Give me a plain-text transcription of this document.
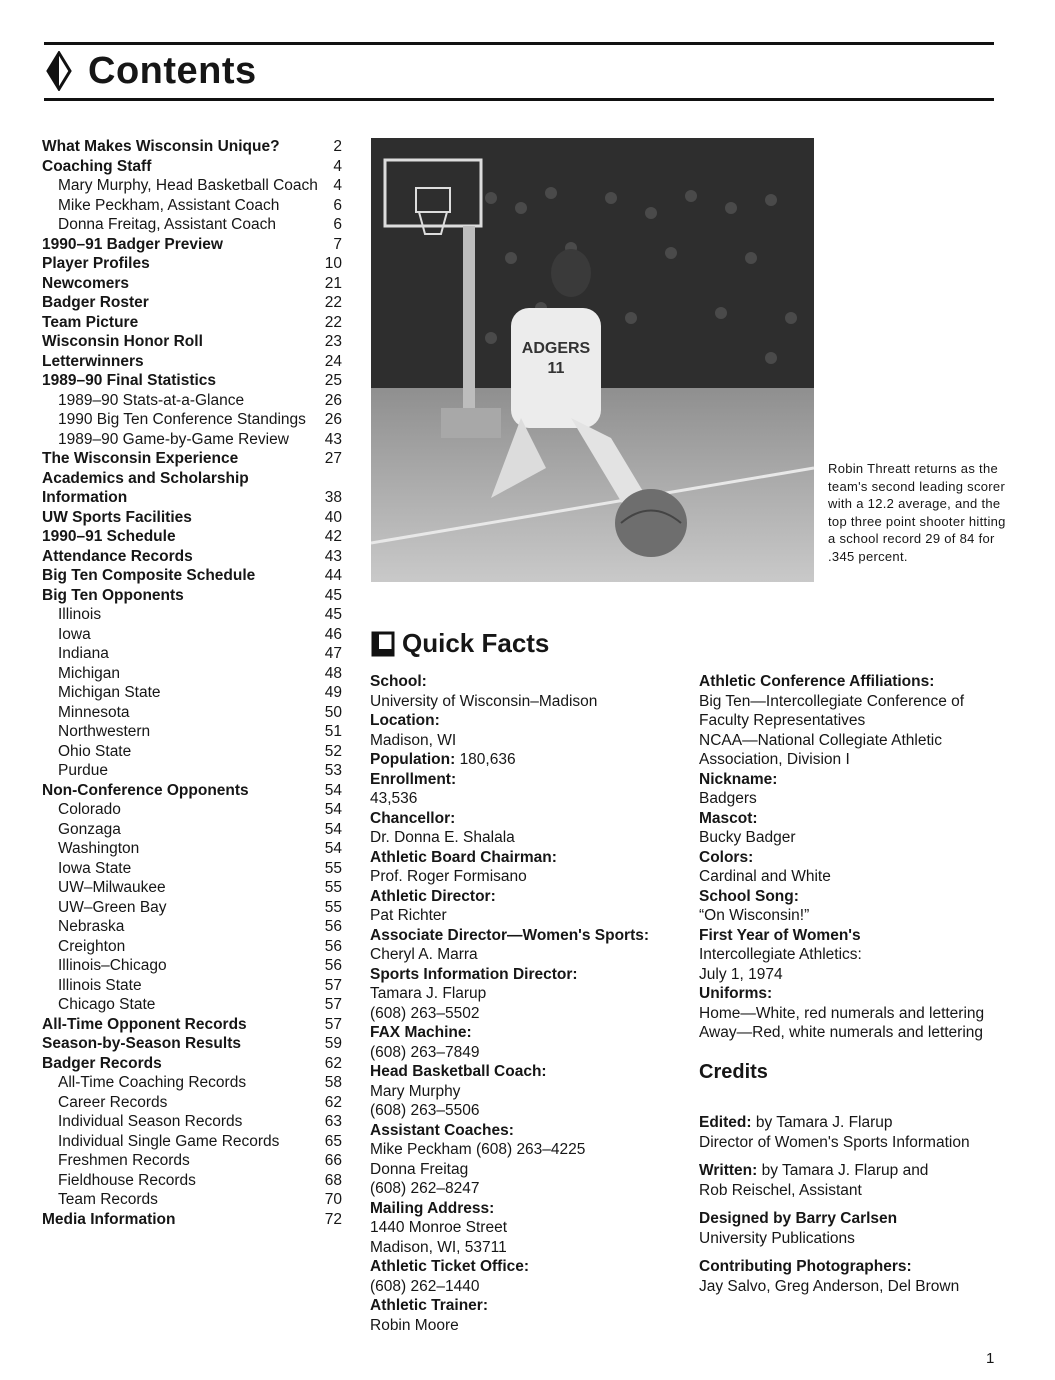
Contents
What Makes Wisconsin Unique?	2
Coaching Staff	4
Mary Murphy, Head Basketball Coach 4
Mike Peckham, Assistant Coach	6
Donna Freitag, Assistant Coach	6
1990–91 Badger Preview	7
Player Profiles	10
Newcomers	21
Badger Roster	22
Team Picture	22
Wisconsin Honor Roll	23
Letterwinners	24
1989–90 Final Statistics	25
1989–90 Stats-at-a-Glance	26
1990 Big Ten Conference Standings	26
1989–90 Game-by-Game Review	43
The Wisconsin Experience	27
Academics and Scholarship Information	38
UW Sports Facilities	40
1990–91 Schedule	42
Attendance Records	43
Big Ten Composite Schedule	44
Big Ten Opponents	45
Illinois	45
Iowa	46
Indiana	47
Michigan	48
Michigan State	49
Minnesota	50
Northwestern	51
Ohio State	52
Purdue	53
Non-Conference Opponents	54
Colorado	54
Gonzaga	54
Washington	54
Iowa State	55
UW–Milwaukee	55
UW–Green Bay	55
Nebraska	56
Creighton	56
Illinois–Chicago	56
Illinois State	57
Chicago State	57
All-Time Opponent Records	57
Season-by-Season Results	59
Badger Records	62
All-Time Coaching Records	58
Career Records	62
Individual Season Records	63
Individual Single Game Records	65
Freshmen Records	66
Fieldhouse Records	68
Team Records	70
Media Information	72
ADGERS
11
Robin Threatt returns as the team's second leading scorer with a 12.2 average, and the top three point shooter hitting a school record 29 of 84 for .345 percent.
Quick Facts
School:
University of Wisconsin–Madison
Location:
Madison, WI
Population: 180,636
Enrollment:
43,536
Chancellor:
Dr. Donna E. Shalala
Athletic Board Chairman:
Prof. Roger Formisano
Athletic Director:
Pat Richter
Associate Director—Women's Sports:
Cheryl A. Marra
Sports Information Director:
Tamara J. Flarup
(608) 263–5502
FAX Machine:
(608) 263–7849
Head Basketball Coach:
Mary Murphy
(608) 263–5506
Assistant Coaches:
Mike Peckham (608) 263–4225
Donna Freitag
(608) 262–8247
Mailing Address:
1440 Monroe Street
Madison, WI, 53711
Athletic Ticket Office:
(608) 262–1440
Athletic Trainer:
Robin Moore
Athletic Conference Affiliations:
Big Ten—Intercollegiate Conference of Faculty Representatives
NCAA—National Collegiate Athletic Association, Division I
Nickname:
Badgers
Mascot:
Bucky Badger
Colors:
Cardinal and White
School Song:
“On Wisconsin!”
First Year of Women's
Intercollegiate Athletics:
July 1, 1974
Uniforms:
Home—White, red numerals and lettering
Away—Red, white numerals and lettering
Credits
Edited: by Tamara J. Flarup
Director of Women's Sports Information
Written: by Tamara J. Flarup and
Rob Reischel, Assistant
Designed by Barry Carlsen
University Publications
Contributing Photographers:
Jay Salvo, Greg Anderson, Del Brown
1
